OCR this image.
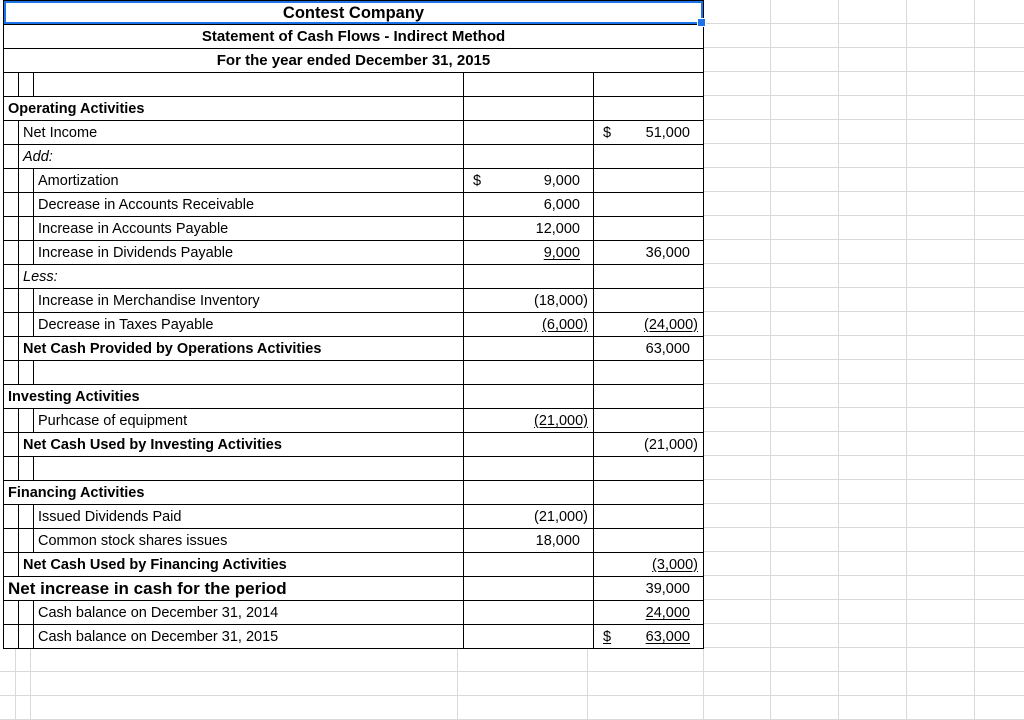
Contest Company				

Statement of Cash Flows - Indirect Method				
For the year ended December 31, 2015				

Operating Activities				
	Net Income			$ 51,000

	Add:			
		Amortization	$ 9,000	

		Decrease in Accounts Receivable	6,000	

		Increase in Accounts Payable	12,000	

		Increase in Dividends Payable	9,000	36,000

	Less:			
		Increase in Merchandise Inventory	(18,000)	

		Decrease in Taxes Payable	(6,000)	(24,000)

	Net Cash Provided by Operations Activities			63,000

Investing Activities				
		Purhcase of equipment	(21,000)	

	Net Cash Used by Investing Activities			(21,000)

Financing Activities				
		Issued Dividends Paid	(21,000)	

		Common stock shares issues	18,000	

	Net Cash Used by Financing Activities			(3,000)

Net increase in cash for the period				39,000

		Cash balance on December 31, 2014		24,000

		Cash balance on December 31, 2015		$ 63,000
